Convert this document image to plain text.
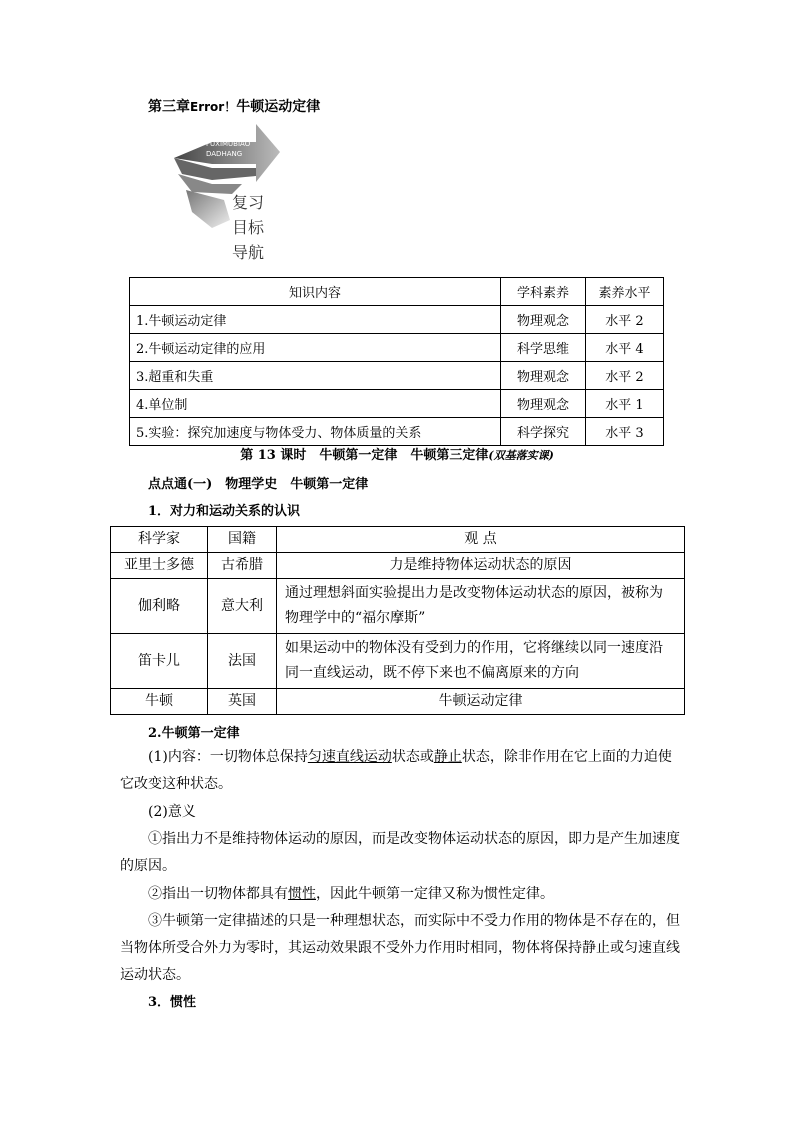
第三章Error！牛顿运动定律
FUXIMUBIAO
DADHANG
复习
目标
导航
知识内容	学科素养	素养水平
1.牛顿运动定律	物理观念	水平 2
2.牛顿运动定律的应用	科学思维	水平 4
3.超重和失重	物理观念	水平 2
4.单位制	物理观念	水平 1
5.实验：探究加速度与物体受力、物体质量的关系	科学探究	水平 3
第 13 课时　牛顿第一定律　牛顿第三定律(双基落实课)
点点通(一)　物理学史　牛顿第一定律
1．对力和运动关系的认识
科学家	国籍	观 点
亚里士多德	古希腊	力是维持物体运动状态的原因
伽利略	意大利	通过理想斜面实验提出力是改变物体运动状态的原因，被称为物理学中的“福尔摩斯”
笛卡儿	法国	如果运动中的物体没有受到力的作用，它将继续以同一速度沿同一直线运动，既不停下来也不偏离原来的方向
牛顿	英国	牛顿运动定律
2.牛顿第一定律
(1)内容：一切物体总保持匀速直线运动状态或静止状态，除非作用在它上面的力迫使它改变这种状态。
(2)意义
①指出力不是维持物体运动的原因，而是改变物体运动状态的原因，即力是产生加速度的原因。
②指出一切物体都具有惯性，因此牛顿第一定律又称为惯性定律。
③牛顿第一定律描述的只是一种理想状态，而实际中不受力作用的物体是不存在的，但当物体所受合外力为零时，其运动效果跟不受外力作用时相同，物体将保持静止或匀速直线运动状态。
3．惯性
